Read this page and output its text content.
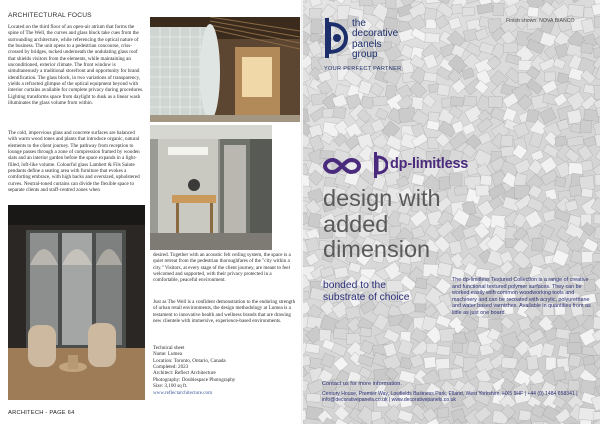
ARCHITECTURAL FOCUS

Located on the third floor of an open-air atrium that forms the spine of The Well, the curves and glass block take cues from the surrounding architecture, while referencing the optical nature of the business. The unit opens to a pedestrian concourse, criss-crossed by bridges, tucked underneath the undulating glass roof that shields visitors from the elements, while maintaining an unconditioned, exterior climate. The front window is simultaneously a traditional storefront and opportunity for brand identification. The glass block, in two variations of transparency, yields a refracted glimpse of the optical equipment beyond with interior curtains available for complete privacy during procedures. Lighting transforms space from daylight to dusk as a linear wash illuminates the glass volume from within.

The cold, impervious glass and concrete surfaces are balanced with warm wood tones and plants that introduce organic, natural elements to the client journey. The pathway from reception to lounge passes through a zone of compression framed by wooden slats and an interior garden before the space expands in a light-filled, loft-like volume. Colourful glass Lambert & Fils Sainte pendants define a seating area with furniture that evokes a comforting embrace, with high backs and oversized, upholstered curves. Neutral-toned curtains can divide the flexible space to separate clients and staff-centred zones when

desired. Together with an acoustic felt ceiling system, the space is a quiet retreat from the pedestrian thoroughfares of the "city within a city." Visitors, at every stage of the client journey, are meant to feel welcomed and supported, with their privacy protected in a comfortable, peaceful environment.

Just as The Well is a confident demonstration to the enduring strength of urban retail environments, the design methodology at Lumea is a testament to innovative health and wellness brands that are drawing new clientele with immersive, experience-based environments.

Technical sheet
Name: Lumea
Location: Toronto, Ontario, Canada
Completed: 2023
Architect: Reflect Architecture
Photography: Doublespace Photography
Size: 3,100 sq ft.
www.reflectarchitecture.com
ARCHITECH - PAGE 64
the
decorative
panels
group
YOUR PERFECT PARTNER
Finish shown: NOVA BIANCO
dp-limitless
design with
added
dimension
bonded to the
substrate of choice

The dp-limitless Textured Collection is a range of creative and functional textured polymer surfaces. They can be worked easily with common woodworking tools and machinery and can be recoated with acrylic, polyurethane and water based varnishes. Available in quantities from as little as just one board.

Contact us for more information.
Century House, Premier Way, Lowfields Business Park, Elland, West Yorkshire, HX5 9HF | +44 (0) 1484 658341 | info@decorativepanels.co.uk | www.decorativepanels.co.uk
